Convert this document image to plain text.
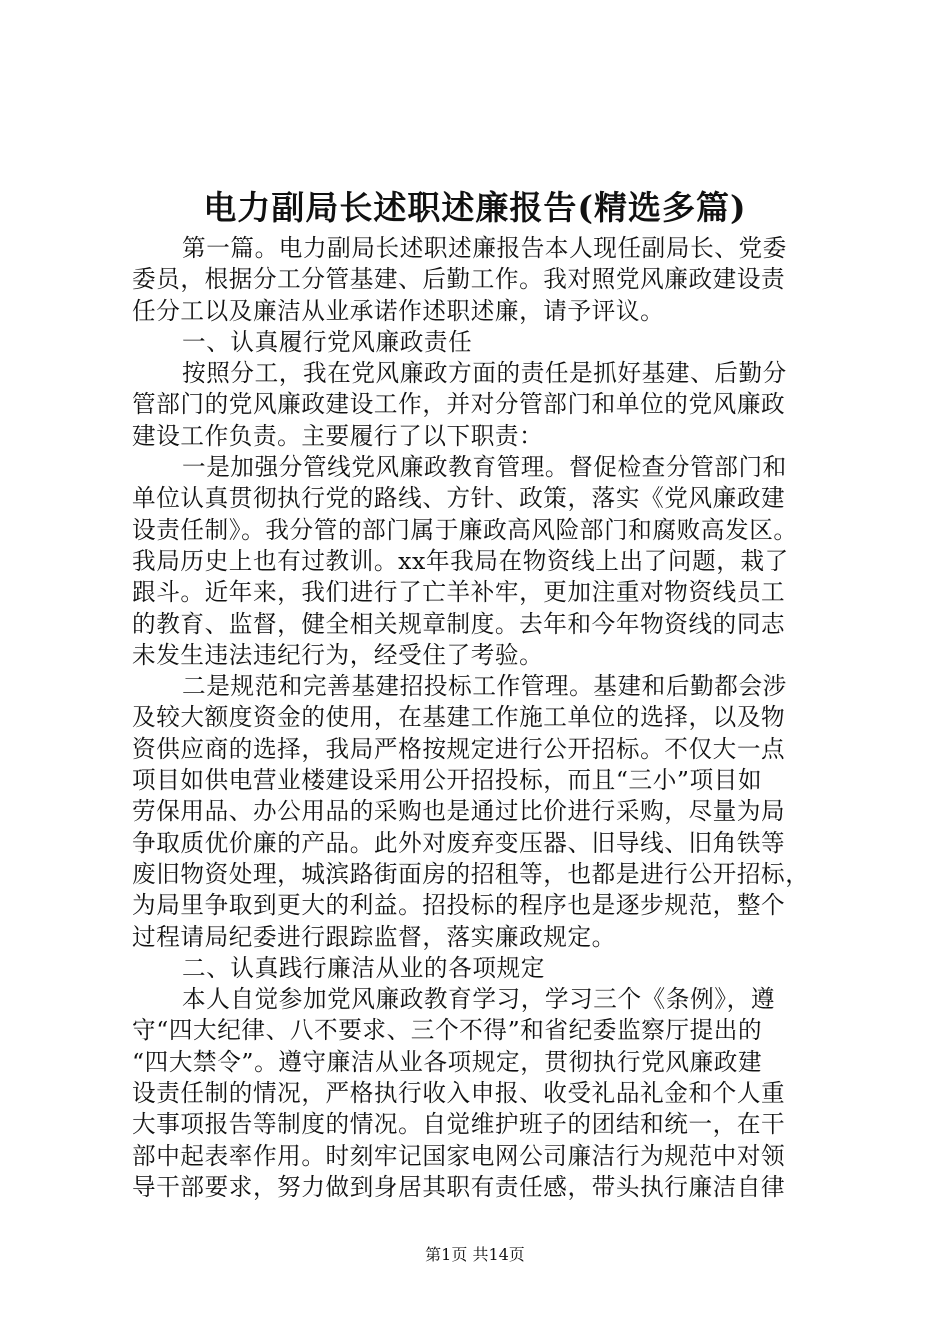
电力副局长述职述廉报告(精选多篇)
第一篇。电力副局长述职述廉报告本人现任副局长、党委
委员，根据分工分管基建、后勤工作。我对照党风廉政建设责
任分工以及廉洁从业承诺作述职述廉，请予评议。
一、认真履行党风廉政责任
按照分工，我在党风廉政方面的责任是抓好基建、后勤分
管部门的党风廉政建设工作，并对分管部门和单位的党风廉政
建设工作负责。主要履行了以下职责：
一是加强分管线党风廉政教育管理。督促检查分管部门和
单位认真贯彻执行党的路线、方针、政策，落实《党风廉政建
设责任制》。我分管的部门属于廉政高风险部门和腐败高发区。
我局历史上也有过教训。xx年我局在物资线上出了问题，栽了
跟斗。近年来，我们进行了亡羊补牢，更加注重对物资线员工
的教育、监督，健全相关规章制度。去年和今年物资线的同志
未发生违法违纪行为，经受住了考验。
二是规范和完善基建招投标工作管理。基建和后勤都会涉
及较大额度资金的使用，在基建工作施工单位的选择，以及物
资供应商的选择，我局严格按规定进行公开招标。不仅大一点
项目如供电营业楼建设采用公开招投标，而且“三小”项目如
劳保用品、办公用品的采购也是通过比价进行采购，尽量为局
争取质优价廉的产品。此外对废弃变压器、旧导线、旧角铁等
废旧物资处理，城滨路街面房的招租等，也都是进行公开招标，
为局里争取到更大的利益。招投标的程序也是逐步规范，整个
过程请局纪委进行跟踪监督，落实廉政规定。
二、认真践行廉洁从业的各项规定
本人自觉参加党风廉政教育学习，学习三个《条例》，遵
守“四大纪律、八不要求、三个不得”和省纪委监察厅提出的
“四大禁令”。遵守廉洁从业各项规定，贯彻执行党风廉政建
设责任制的情况，严格执行收入申报、收受礼品礼金和个人重
大事项报告等制度的情况。自觉维护班子的团结和统一，在干
部中起表率作用。时刻牢记国家电网公司廉洁行为规范中对领
导干部要求，努力做到身居其职有责任感，带头执行廉洁自律
第1页 共14页
